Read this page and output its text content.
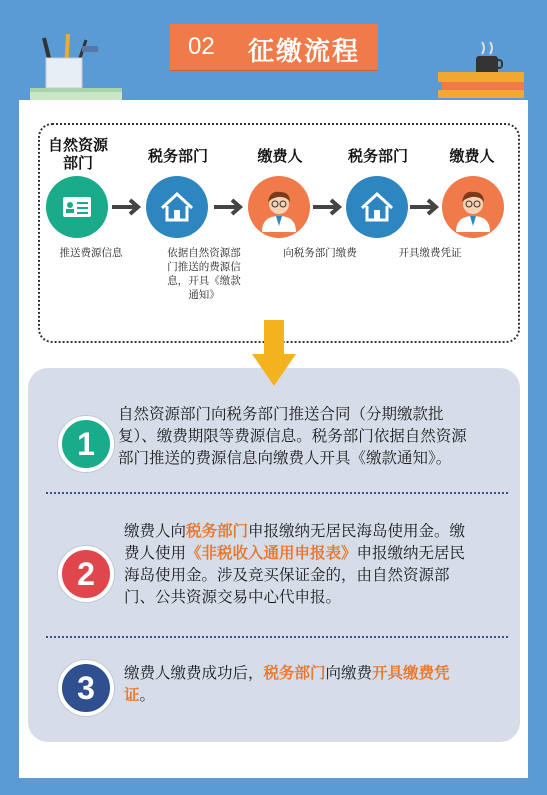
02 征缴流程
自然资源部门
推送费源信息
税务部门
依据自然资源部门推送的费源信息，开具《缴款通知》
缴费人
向税务部门缴费
税务部门
开具缴费凭证
缴费人
1
自然资源部门向税务部门推送合同（分期缴款批复）、缴费期限等费源信息。税务部门依据自然资源部门推送的费源信息向缴费人开具《缴款通知》。
2
缴费人向税务部门申报缴纳无居民海岛使用金。缴费人使用《非税收入通用申报表》申报缴纳无居民海岛使用金。涉及竞买保证金的，由自然资源部门、公共资源交易中心代申报。
3	缴费人缴费成功后，税务部门向缴费开具缴费凭证。
